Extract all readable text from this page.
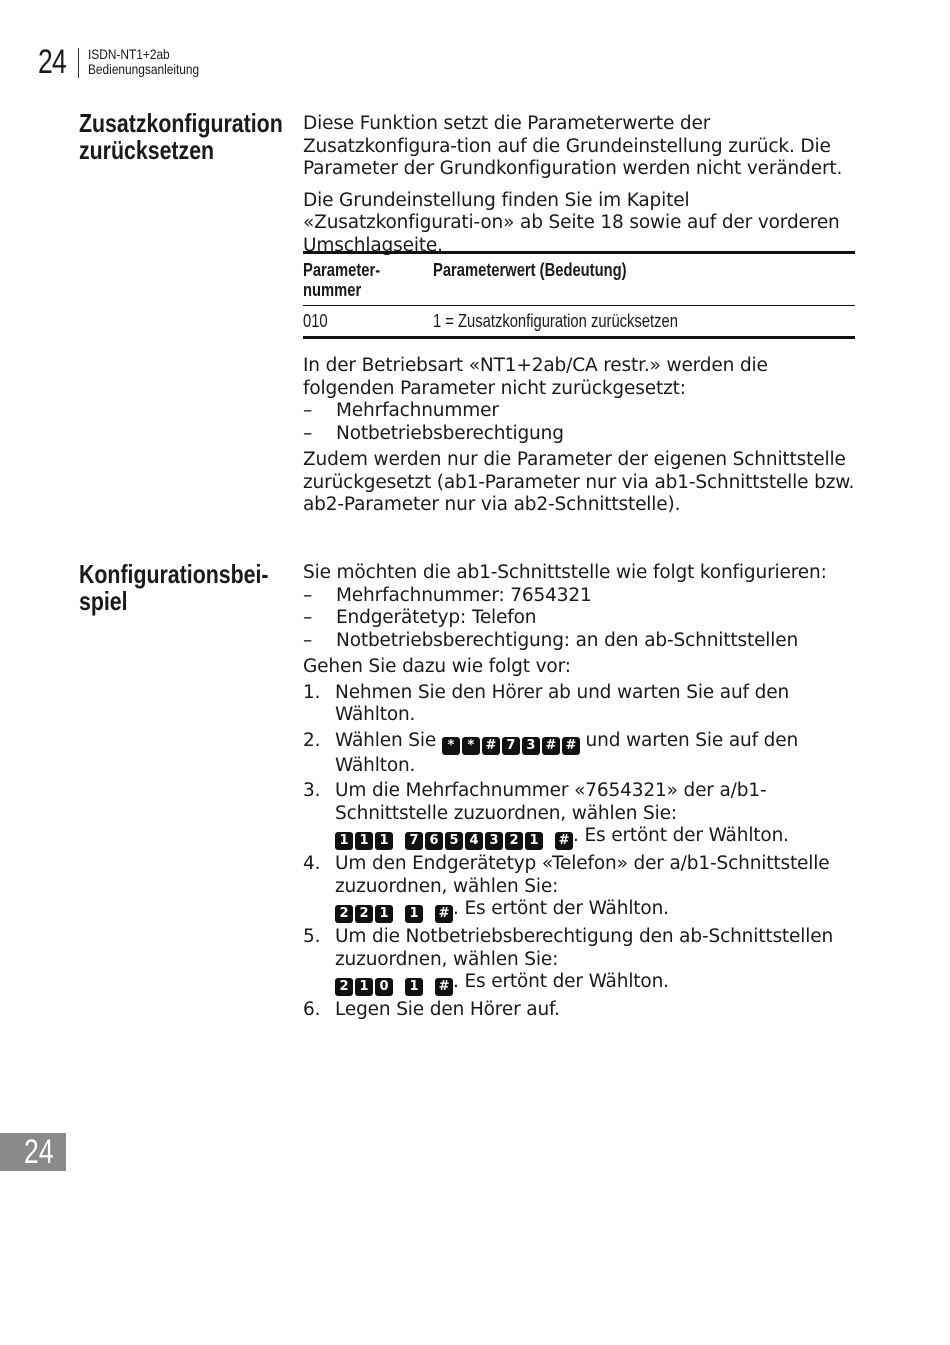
24 ISDN-NT1+2ab
Bedienungsanleitung
Zusatzkonfiguration
zurücksetzen

Diese Funktion setzt die Parameterwerte der Zusatzkonfigura-tion auf die Grundeinstellung zurück. Die Parameter der Grundkonfiguration werden nicht verändert.

Die Grundeinstellung finden Sie im Kapitel «Zusatzkonfigurati-on» ab Seite 18 sowie auf der vorderen Umschlagseite.

Parameter-
nummer	Parameterwert (Bedeutung)
010	1 = Zusatzkonfiguration zurücksetzen

In der Betriebsart «NT1+2ab/CA restr.» werden die folgenden Parameter nicht zurückgesetzt:

– Mehrfachnummer
– Notbetriebsberechtigung

Zudem werden nur die Parameter der eigenen Schnittstelle zurückgesetzt (ab1-Parameter nur via ab1-Schnittstelle bzw. ab2-Parameter nur via ab2-Schnittstelle).

Konfigurationsbei-
spiel

Sie möchten die ab1-Schnittstelle wie folgt konfigurieren:

– Mehrfachnummer: 7654321
– Endgerätetyp: Telefon
– Notbetriebsberechtigung: an den ab-Schnittstellen

Gehen Sie dazu wie folgt vor:

1. Nehmen Sie den Hörer ab und warten Sie auf den Wählton.
2. Wählen Sie *	* # 7 3 # # und warten Sie auf den Wählton.
3. Um die Mehrfachnummer «7654321» der a/b1-Schnittstelle zuzuordnen, wählen Sie:

1 1 1	7 6 5 4 3 2 1	# . Es ertönt der Wählton.
4. Um den Endgerätetyp «Telefon» der a/b1-Schnittstelle zuzuordnen, wählen Sie:

2 2 1	1	# . Es ertönt der Wählton.
5. Um die Notbetriebsberechtigung den ab-Schnittstellen zuzuordnen, wählen Sie:

2 1 0	1	# . Es ertönt der Wählton.
6. Legen Sie den Hörer auf.
24
